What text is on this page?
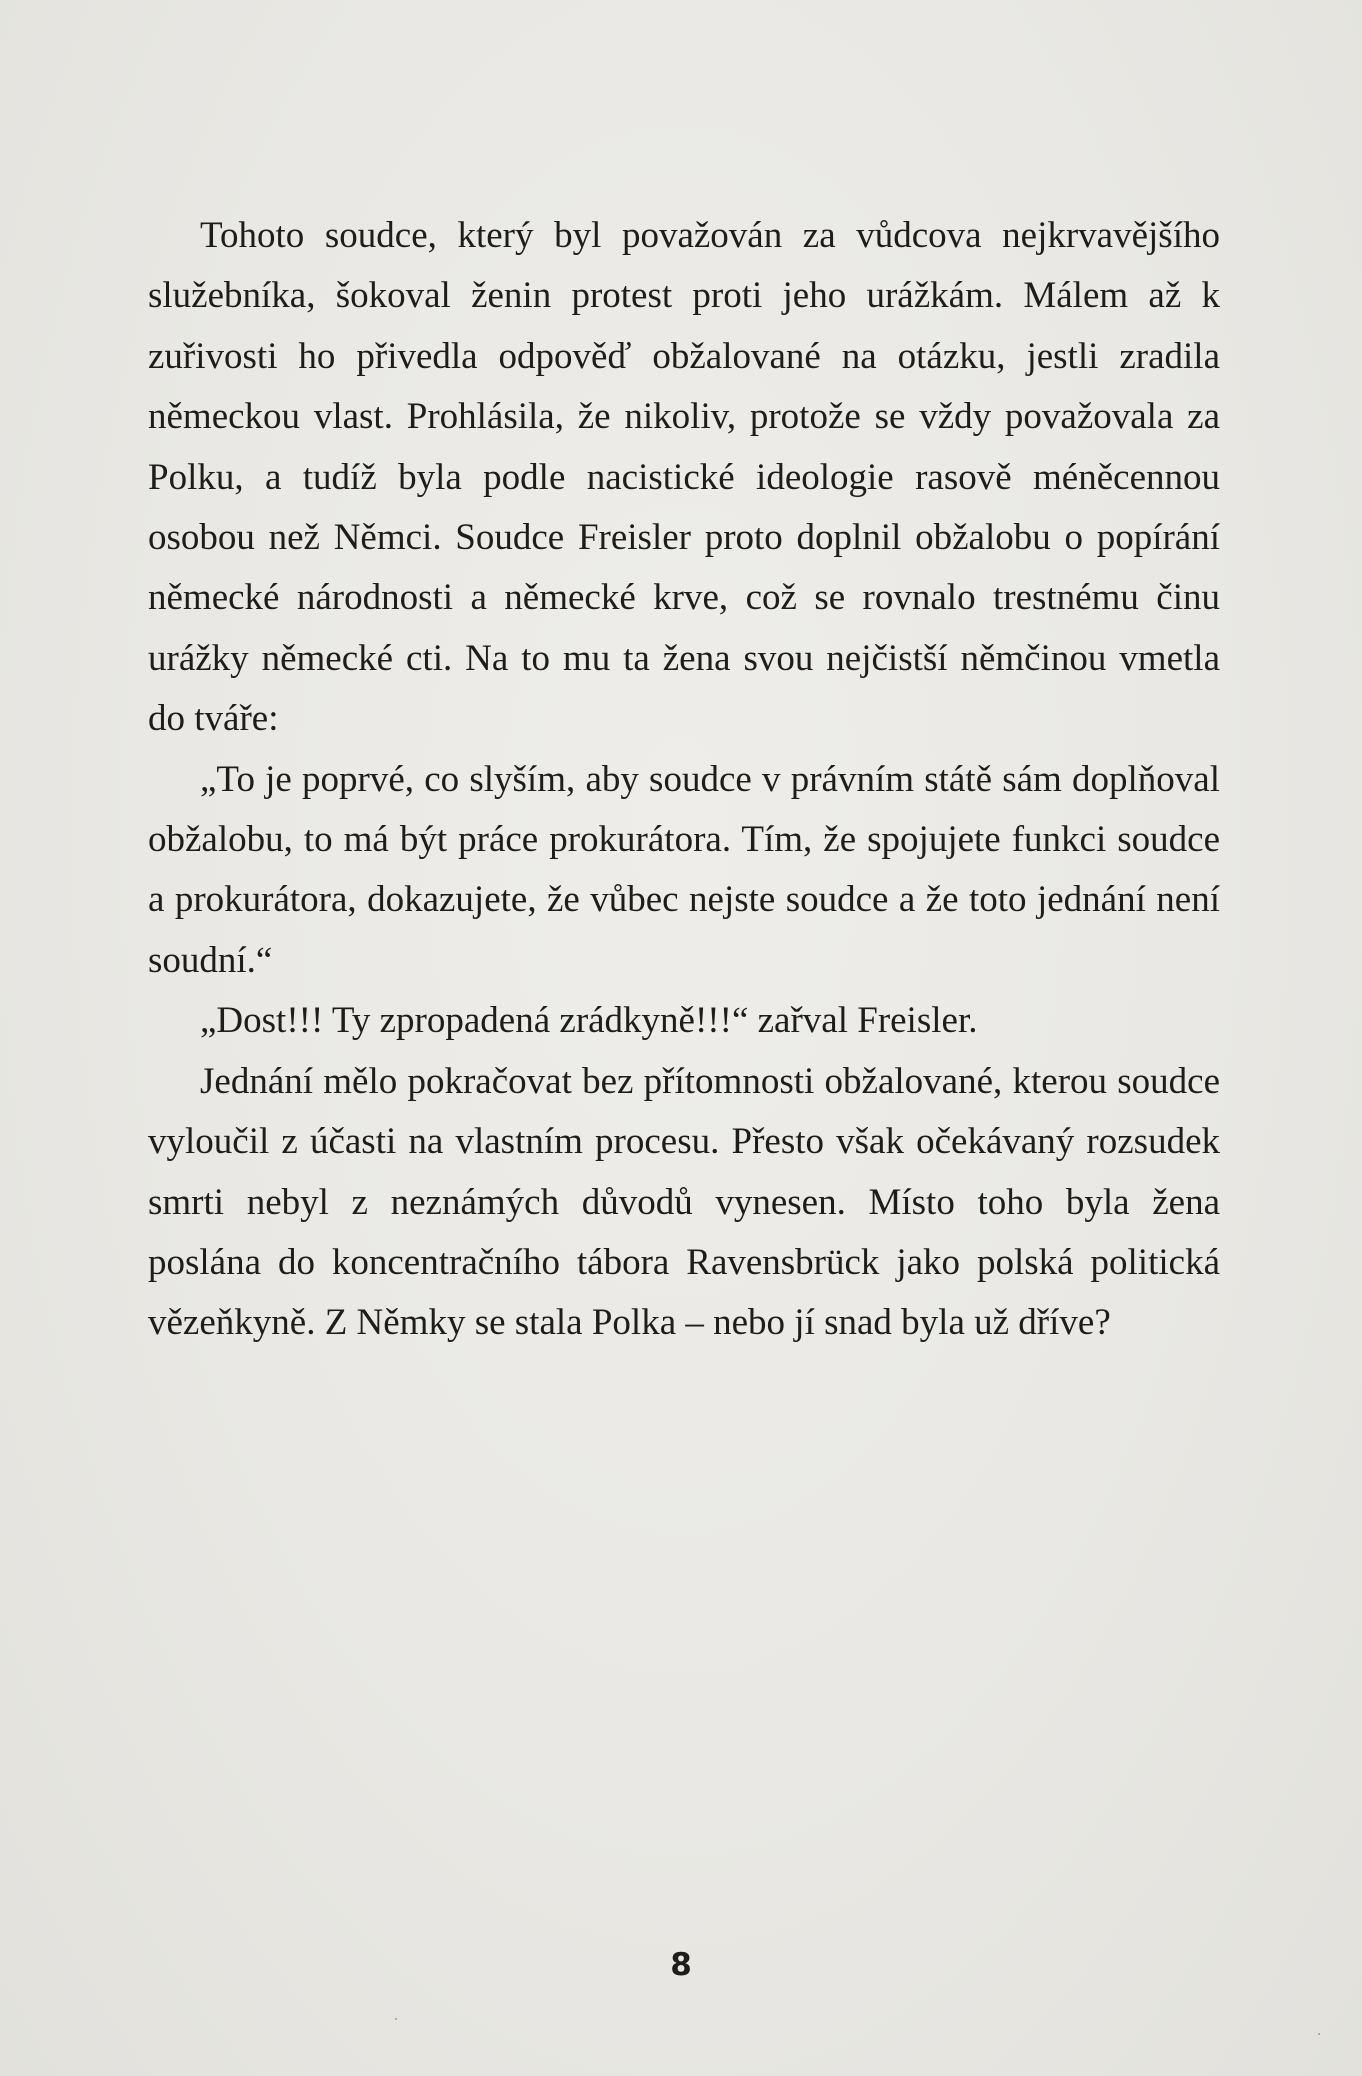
Tohoto soudce, který byl považován za vůdcova nejkrvavějšího služebníka, šokoval ženin protest proti jeho urážkám. Málem až k zuřivosti ho přivedla odpověď obžalované na otázku, jestli zradila německou vlast. Prohlásila, že nikoliv, protože se vždy považovala za Polku, a tudíž byla podle nacistické ideologie rasově méněcennou osobou než Němci. Soudce Freisler proto doplnil obžalobu o popírání německé národnosti a německé krve, což se rovnalo trestnému činu urážky německé cti. Na to mu ta žena svou nejčistší němčinou vmetla do tváře:

„To je poprvé, co slyším, aby soudce v právním státě sám doplňoval obžalobu, to má být práce prokurátora. Tím, že spojujete funkci soudce a prokurátora, dokazujete, že vůbec nejste soudce a že toto jednání není soudní.“

„Dost!!! Ty zpropadená zrádkyně!!!“ zařval Freisler.

Jednání mělo pokračovat bez přítomnosti obžalované, kterou soudce vyloučil z účasti na vlastním procesu. Přesto však očekávaný rozsudek smrti nebyl z neznámých důvodů vynesen. Místo toho byla žena poslána do koncentračního tábora Ravensbrück jako polská politická vězeňkyně. Z Němky se stala Polka – nebo jí snad byla už dříve?

8
